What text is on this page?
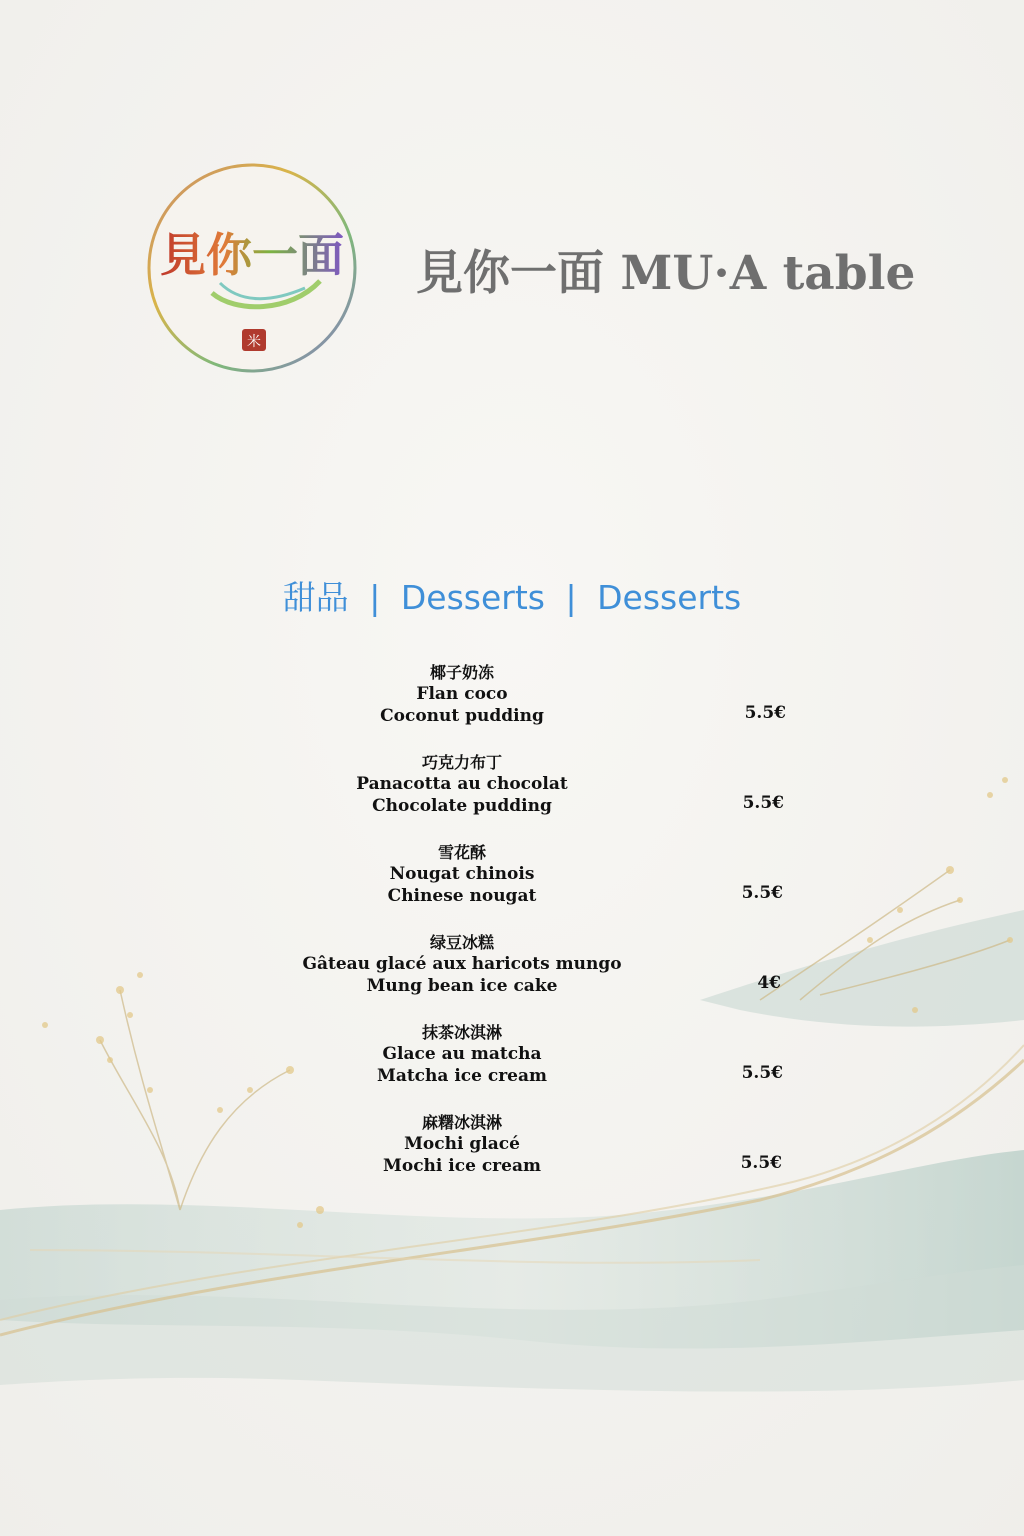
見你一面
米
見你一面 MU·A table
甜品 | Desserts | Desserts
椰子奶冻
Flan coco
Coconut pudding	5.5€
巧克力布丁
Panacotta au chocolat
Chocolate pudding	5.5€
雪花酥
Nougat chinois
Chinese nougat	5.5€
绿豆冰糕
Gâteau glacé aux haricots mungo
Mung bean ice cake	4€
抹茶冰淇淋
Glace au matcha
Matcha ice cream	5.5€
麻糬冰淇淋
Mochi glacé
Mochi ice cream	5.5€
